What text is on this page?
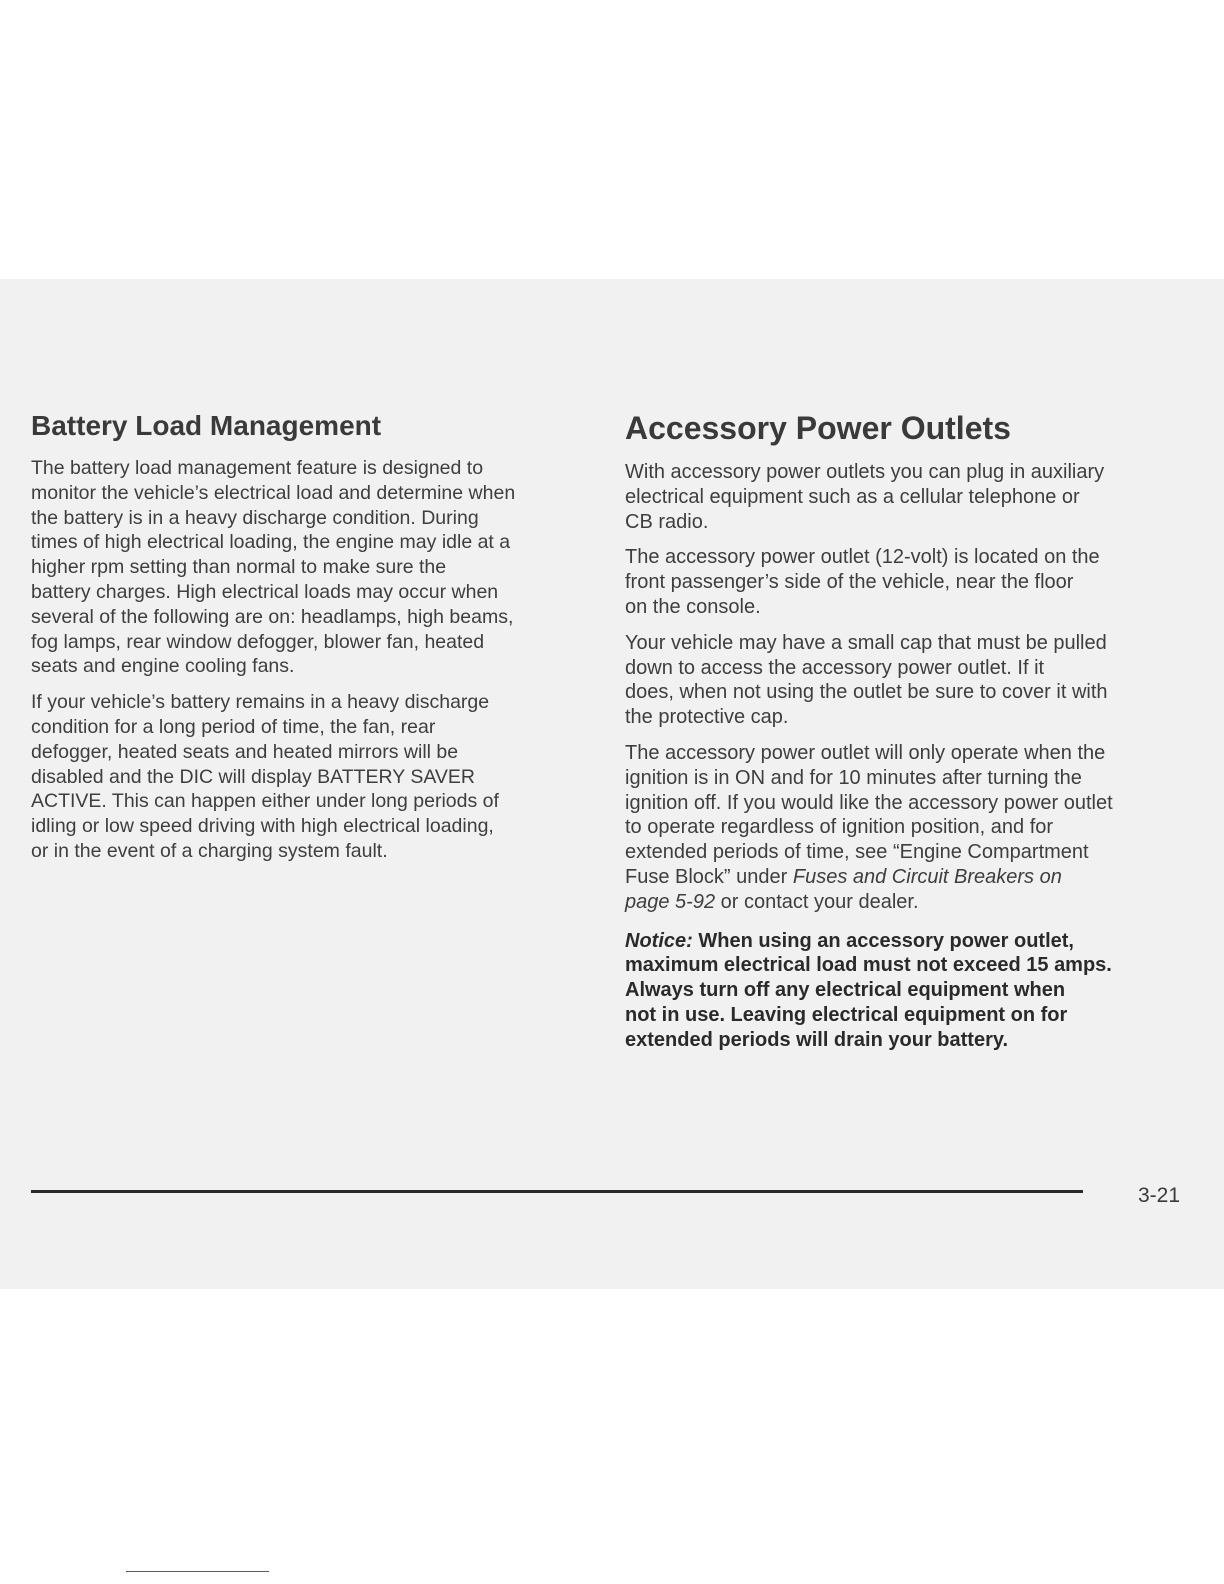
Battery Load Management

The battery load management feature is designed to
monitor the vehicle’s electrical load and determine when
the battery is in a heavy discharge condition. During
times of high electrical loading, the engine may idle at a
higher rpm setting than normal to make sure the
battery charges. High electrical loads may occur when
several of the following are on: headlamps, high beams,
fog lamps, rear window defogger, blower fan, heated
seats and engine cooling fans.

If your vehicle’s battery remains in a heavy discharge
condition for a long period of time, the fan, rear
defogger, heated seats and heated mirrors will be
disabled and the DIC will display BATTERY SAVER
ACTIVE. This can happen either under long periods of
idling or low speed driving with high electrical loading,
or in the event of a charging system fault.

Accessory Power Outlets

With accessory power outlets you can plug in auxiliary
electrical equipment such as a cellular telephone or
CB radio.

The accessory power outlet (12-volt) is located on the
front passenger’s side of the vehicle, near the floor
on the console.

Your vehicle may have a small cap that must be pulled
down to access the accessory power outlet. If it
does, when not using the outlet be sure to cover it with
the protective cap.

The accessory power outlet will only operate when the
ignition is in ON and for 10 minutes after turning the
ignition off. If you would like the accessory power outlet
to operate regardless of ignition position, and for
extended periods of time, see “Engine Compartment
Fuse Block” under Fuses and Circuit Breakers on
page 5-92 or contact your dealer.

Notice: When using an accessory power outlet,
maximum electrical load must not exceed 15 amps.
Always turn off any electrical equipment when
not in use. Leaving electrical equipment on for
extended periods will drain your battery.

3-21
